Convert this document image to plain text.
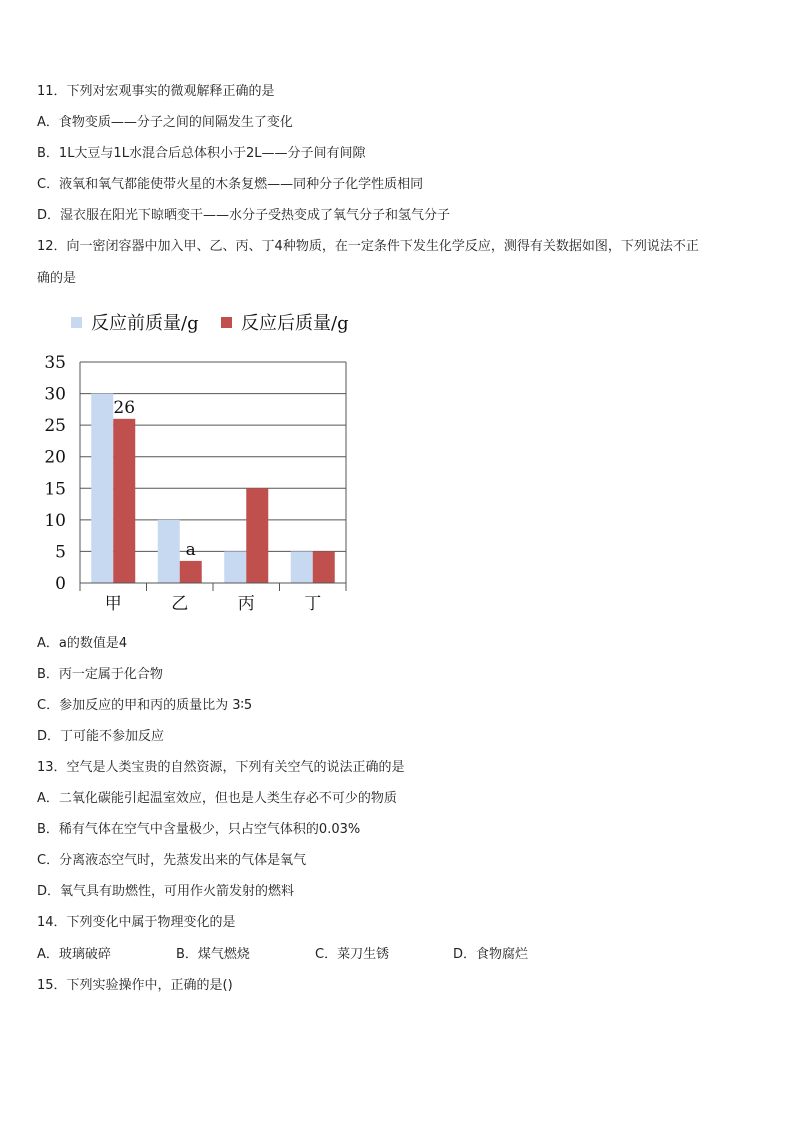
11．下列对宏观事实的微观解释正确的是
A．食物变质——分子之间的间隔发生了变化
B．1L大豆与1L水混合后总体积小于2L——分子间有间隙
C．液氧和氧气都能使带火星的木条复燃——同种分子化学性质相同
D．湿衣服在阳光下晾晒变干——水分子受热变成了氧气分子和氢气分子
12．向一密闭容器中加入甲、乙、丙、丁4种物质，在一定条件下发生化学反应，测得有关数据如图，下列说法不正
确的是
反应前质量/g 反应后质量/g
0
5
10
15
20
25
30
35
甲	乙	丙	丁
26
a
A．a的数值是4
B．丙一定属于化合物
C．参加反应的甲和丙的质量比为 3∶5
D．丁可能不参加反应
13．空气是人类宝贵的自然资源，下列有关空气的说法正确的是
A．二氧化碳能引起温室效应，但也是人类生存必不可少的物质
B．稀有气体在空气中含量极少，只占空气体积的0.03%
C．分离液态空气时，先蒸发出来的气体是氧气
D．氧气具有助燃性，可用作火箭发射的燃料
14．下列变化中属于物理变化的是
A．玻璃破碎	B．煤气燃烧	C．菜刀生锈	D．食物腐烂
15．下列实验操作中，正确的是()
